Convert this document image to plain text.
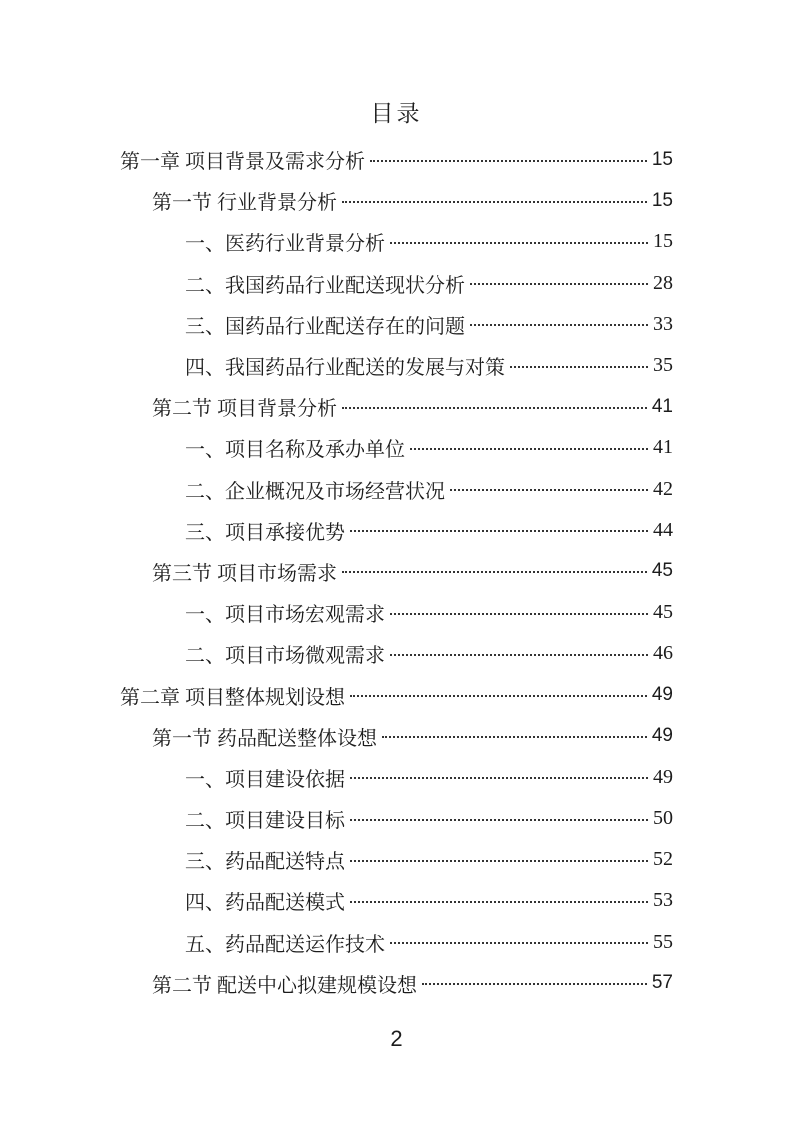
目录
第一章 项目背景及需求分析	15
第一节 行业背景分析	15
一、医药行业背景分析	15
二、我国药品行业配送现状分析	28
三、国药品行业配送存在的问题	33
四、我国药品行业配送的发展与对策	35
第二节 项目背景分析	41
一、项目名称及承办单位	41
二、企业概况及市场经营状况	42
三、项目承接优势	44
第三节 项目市场需求	45
一、项目市场宏观需求	45
二、项目市场微观需求	46
第二章 项目整体规划设想	49
第一节 药品配送整体设想	49
一、项目建设依据	49
二、项目建设目标	50
三、药品配送特点	52
四、药品配送模式	53
五、药品配送运作技术	55
第二节 配送中心拟建规模设想	57
2
